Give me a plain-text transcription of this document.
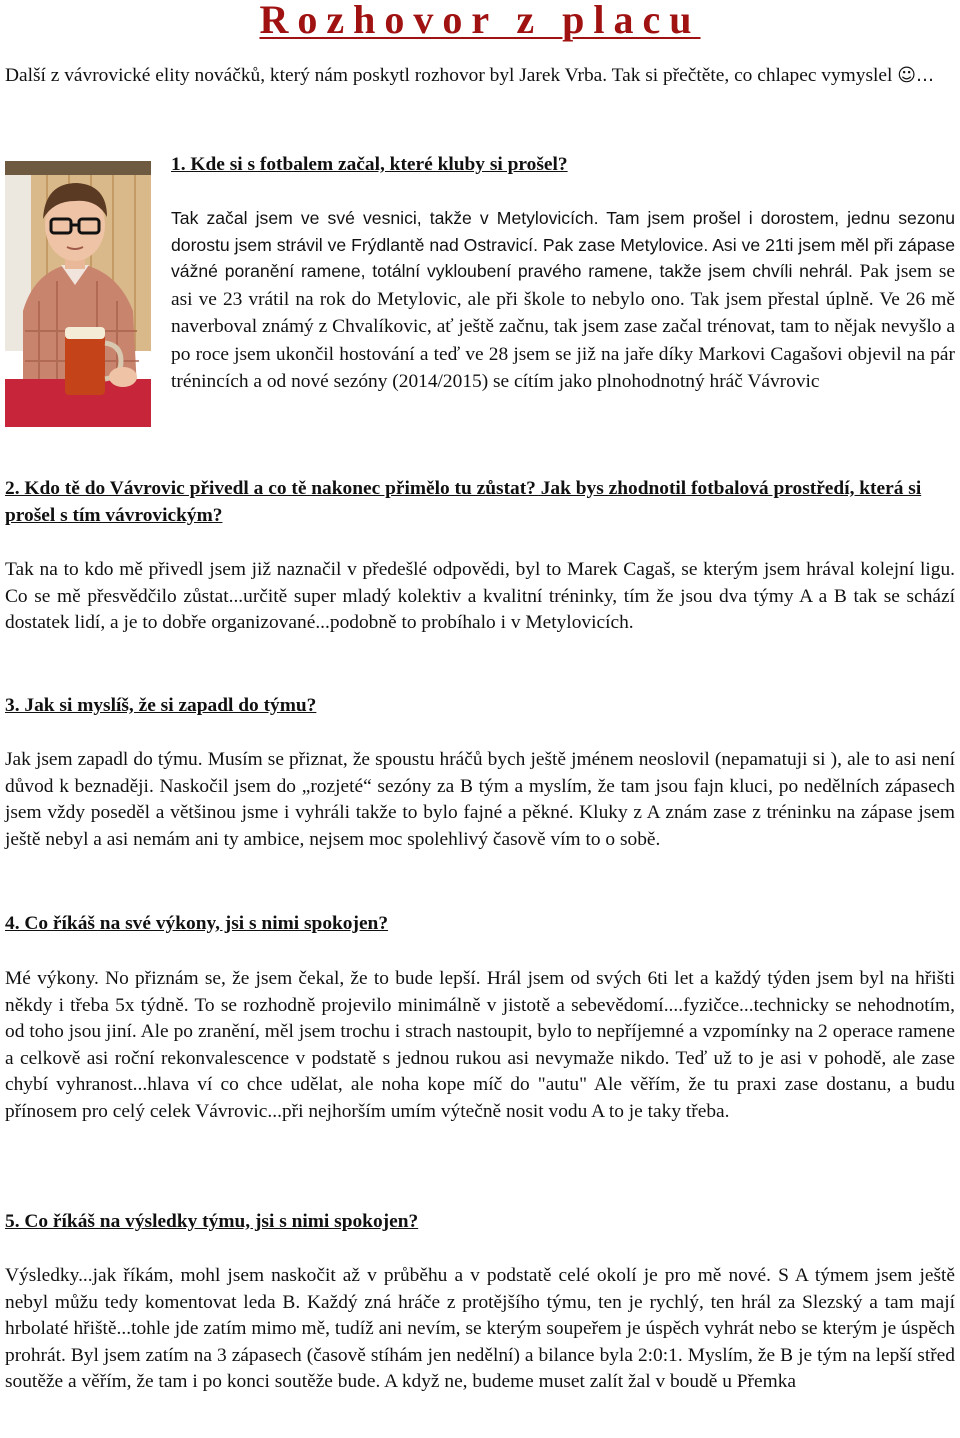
Rozhovor z placu

Další z vávrovické elity nováčků, který nám poskytl rozhovor byl Jarek Vrba. Tak si přečtěte, co chlapec vymyslel ☺…

1. Kde si s fotbalem začal, které kluby si prošel?

Tak začal jsem ve své vesnici, takže v Metylovicích. Tam jsem prošel i dorostem, jednu sezonu dorostu jsem strávil ve Frýdlantě nad Ostravicí. Pak zase Metylovice. Asi ve 21ti jsem měl při zápase vážné poranění ramene, totální vykloubení pravého ramene, takže jsem chvíli nehrál. Pak jsem se asi ve 23 vrátil na rok do Metylovic, ale při škole to nebylo ono. Tak jsem přestal úplně. Ve 26 mě naverboval známý z Chvalíkovic, ať ještě začnu, tak jsem zase začal trénovat, tam to nějak nevyšlo a po roce jsem ukončil hostování a teď ve 28 jsem se již na jaře díky Markovi Cagašovi objevil na pár trénincích a od nové sezóny (2014/2015) se cítím jako plnohodnotný hráč Vávrovic

2. Kdo tě do Vávrovic přivedl a co tě nakonec přimělo tu zůstat? Jak bys zhodnotil fotbalová prostředí, která si prošel s tím vávrovickým?

Tak na to kdo mě přivedl jsem již naznačil v předešlé odpovědi, byl to Marek Cagaš, se kterým jsem hrával kolejní ligu. Co se mě přesvědčilo zůstat...určitě super mladý kolektiv a kvalitní tréninky, tím že jsou dva týmy A a B tak se schází dostatek lidí, a je to dobře organizované...podobně to probíhalo i v Metylovicích.

3. Jak si myslíš, že si zapadl do týmu?

Jak jsem zapadl do týmu. Musím se přiznat, že spoustu hráčů bych ještě jménem neoslovil (nepamatuji si ), ale to asi není důvod k beznaději. Naskočil jsem do „rozjeté“ sezóny za B tým a myslím, že tam jsou fajn kluci, po nedělních zápasech jsem vždy poseděl a většinou jsme i vyhráli takže to bylo fajné a pěkné. Kluky z A znám zase z tréninku na zápase jsem ještě nebyl a asi nemám ani ty ambice, nejsem moc spolehlivý časově vím to o sobě.

4. Co říkáš na své výkony, jsi s nimi spokojen?

Mé výkony. No přiznám se, že jsem čekal, že to bude lepší. Hrál jsem od svých 6ti let a každý týden jsem byl na hřišti někdy i třeba 5x týdně. To se rozhodně projevilo minimálně v jistotě a sebevědomí....fyzičce...technicky se nehodnotím, od toho jsou jiní. Ale po zranění, měl jsem trochu i strach nastoupit, bylo to nepříjemné a vzpomínky na 2 operace ramene a celkově asi roční rekonvalescence v podstatě s jednou rukou asi nevymaže nikdo. Teď už to je asi v pohodě, ale zase chybí vyhranost...hlava ví co chce udělat, ale noha kope míč do "autu" Ale věřím, že tu praxi zase dostanu, a budu přínosem pro celý celek Vávrovic...při nejhorším umím výtečně nosit vodu A to je taky třeba.

5. Co říkáš na výsledky týmu, jsi s nimi spokojen?

Výsledky...jak říkám, mohl jsem naskočit až v průběhu a v podstatě celé okolí je pro mě nové. S A týmem jsem ještě nebyl můžu tedy komentovat leda B. Každý zná hráče z protějšího týmu, ten je rychlý, ten hrál za Slezský a tam mají hrbolaté hřiště...tohle jde zatím mimo mě, tudíž ani nevím, se kterým soupeřem je úspěch vyhrát nebo se kterým je úspěch prohrát. Byl jsem zatím na 3 zápasech (časově stíhám jen nedělní) a bilance byla 2:0:1. Myslím, že B je tým na lepší střed soutěže a věřím, že tam i po konci soutěže bude. A když ne, budeme muset zalít žal v boudě u Přemka
